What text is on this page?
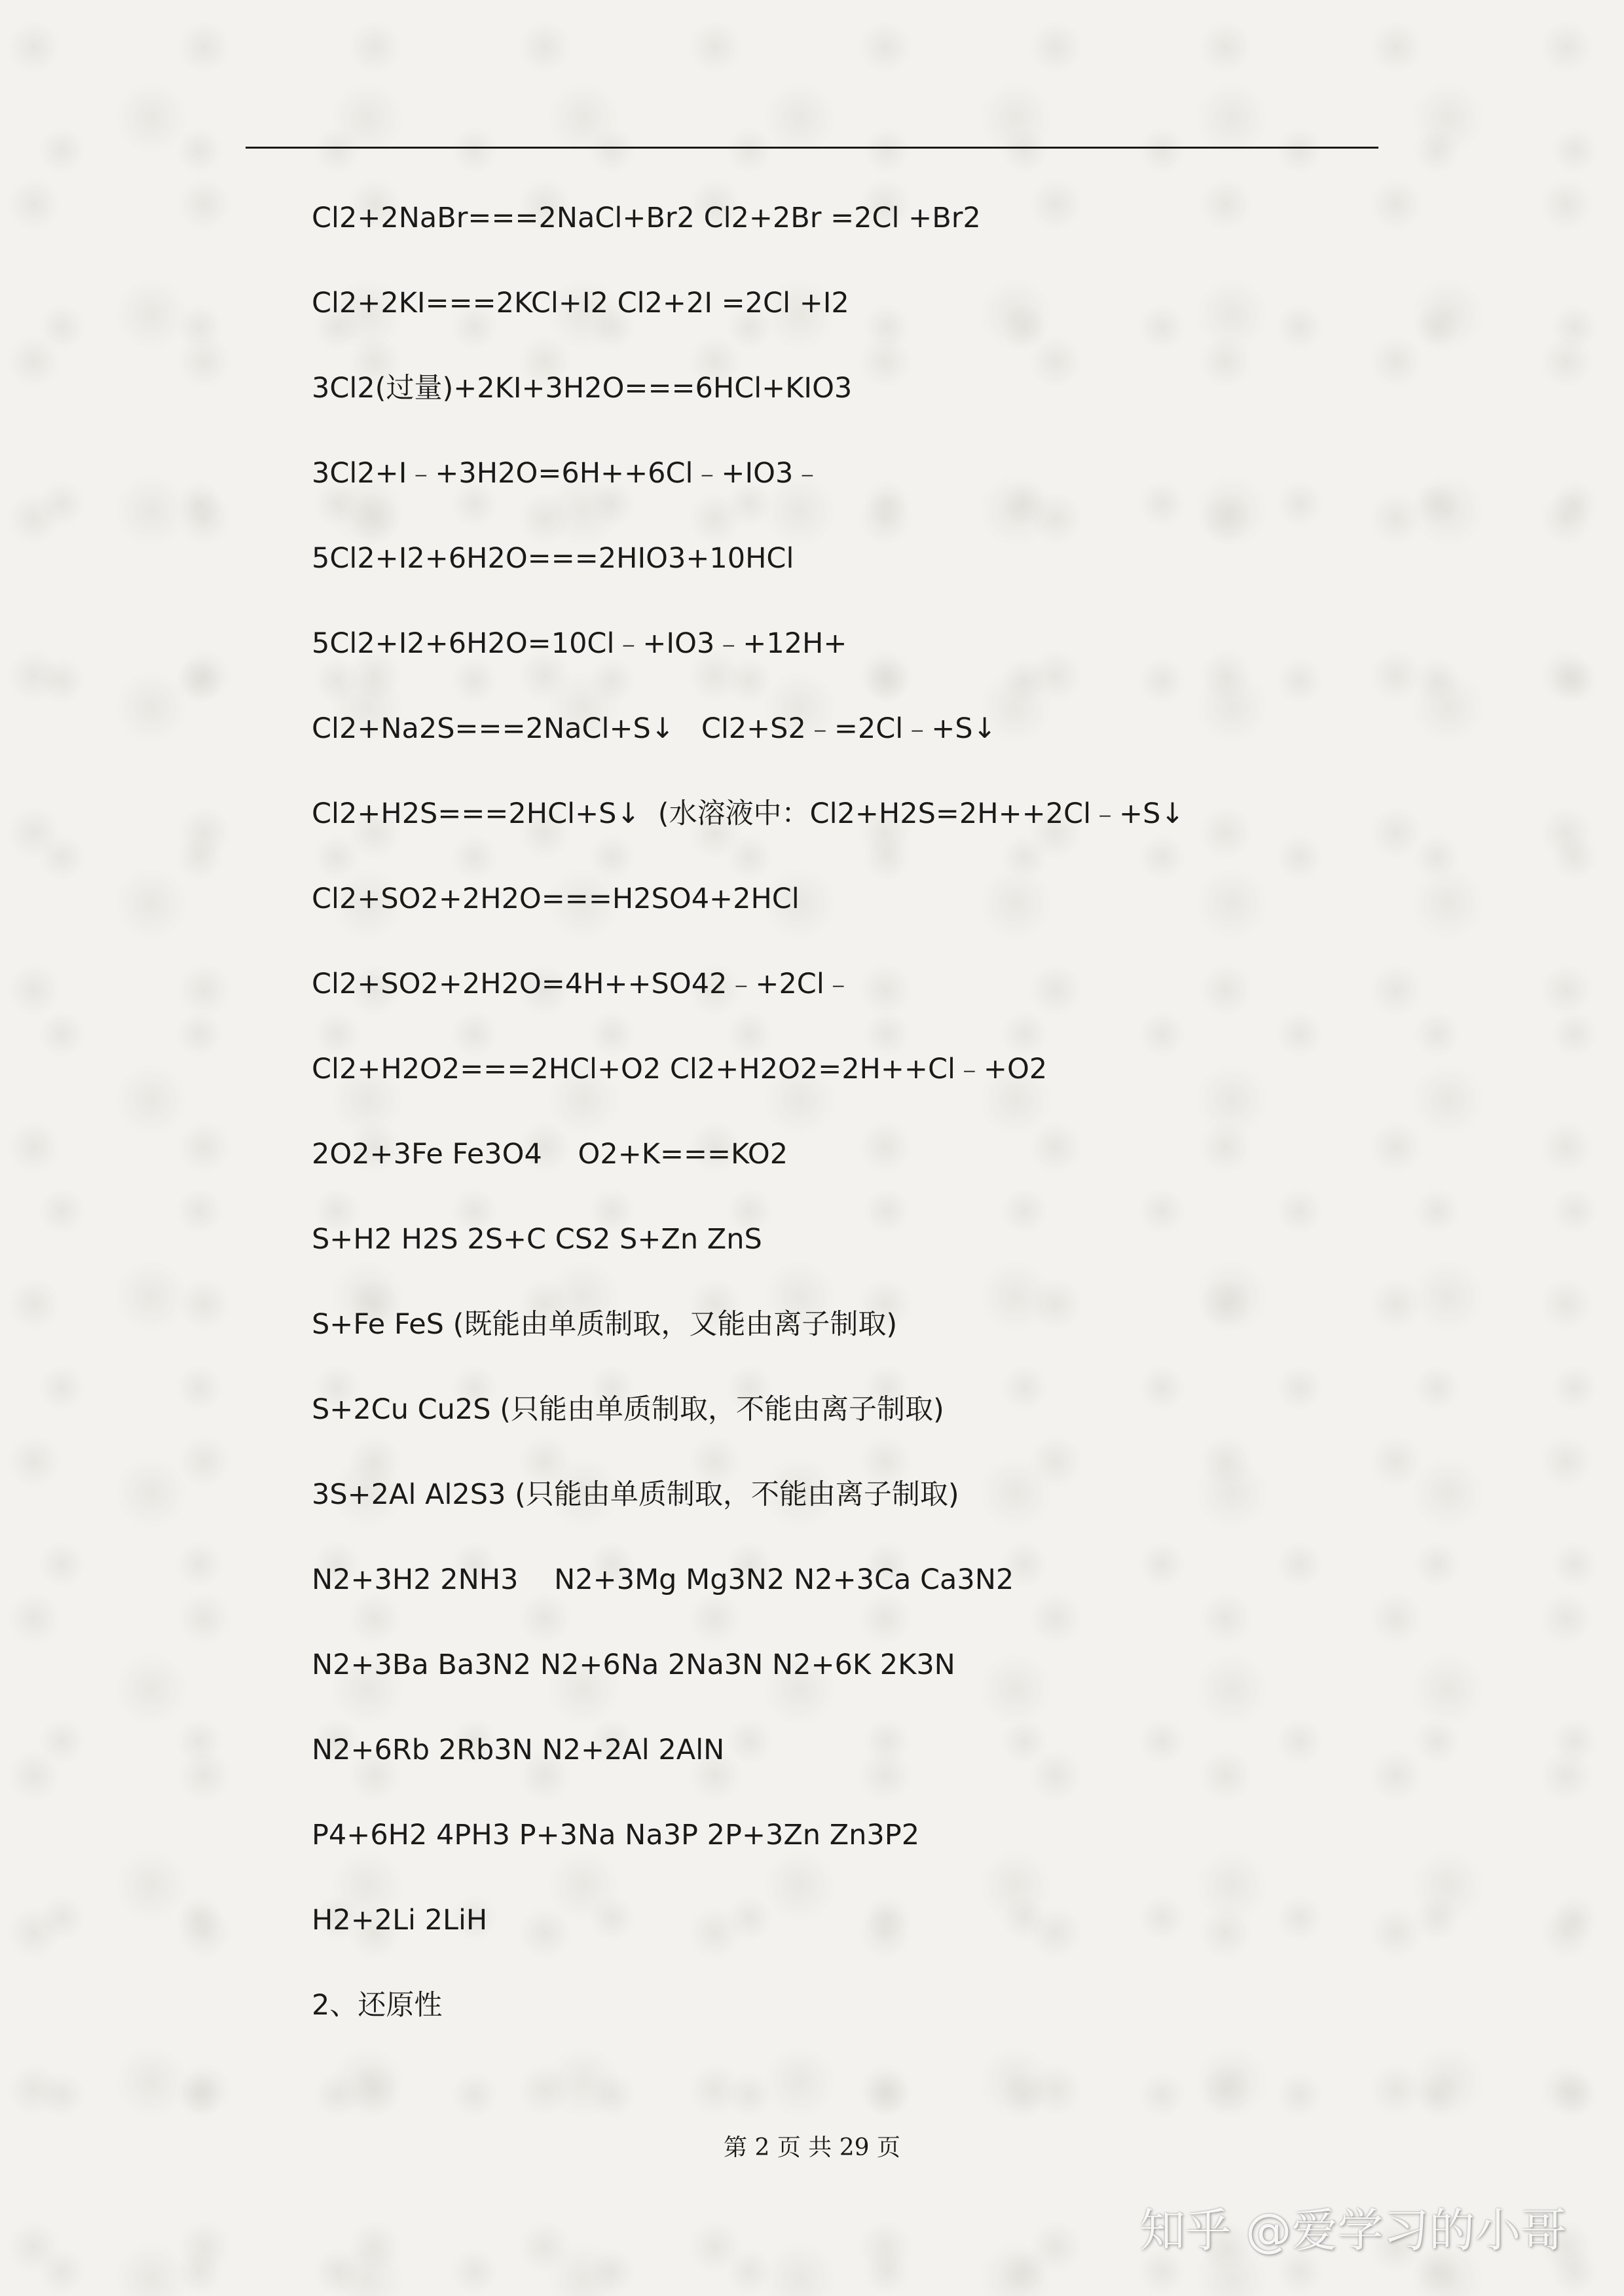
Cl2+2NaBr===2NaCl+Br2 Cl2+2Br =2Cl +Br2
Cl2+2KI===2KCl+I2 Cl2+2I =2Cl +I2
3Cl2(过量)+2KI+3H2O===6HCl+KIO3
3Cl2+I﹣+3H2O=6H++6Cl﹣+IO3﹣
5Cl2+I2+6H2O===2HIO3+10HCl
5Cl2+I2+6H2O=10Cl﹣+IO3﹣+12H+
Cl2+Na2S===2NaCl+S↓   Cl2+S2﹣=2Cl﹣+S↓
Cl2+H2S===2HCl+S↓  (水溶液中：Cl2+H2S=2H++2Cl﹣+S↓
Cl2+SO2+2H2O===H2SO4+2HCl
Cl2+SO2+2H2O=4H++SO42﹣+2Cl﹣
Cl2+H2O2===2HCl+O2 Cl2+H2O2=2H++Cl﹣+O2
2O2+3Fe Fe3O4    O2+K===KO2
S+H2 H2S 2S+C CS2 S+Zn ZnS
S+Fe FeS (既能由单质制取，又能由离子制取)
S+2Cu Cu2S (只能由单质制取，不能由离子制取)
3S+2Al Al2S3 (只能由单质制取，不能由离子制取)
N2+3H2 2NH3    N2+3Mg Mg3N2 N2+3Ca Ca3N2
N2+3Ba Ba3N2 N2+6Na 2Na3N N2+6K 2K3N
N2+6Rb 2Rb3N N2+2Al 2AlN
P4+6H2 4PH3 P+3Na Na3P 2P+3Zn Zn3P2
H2+2Li 2LiH
2、还原性
第 2 页 共 29 页
知乎 @爱学习的小哥
